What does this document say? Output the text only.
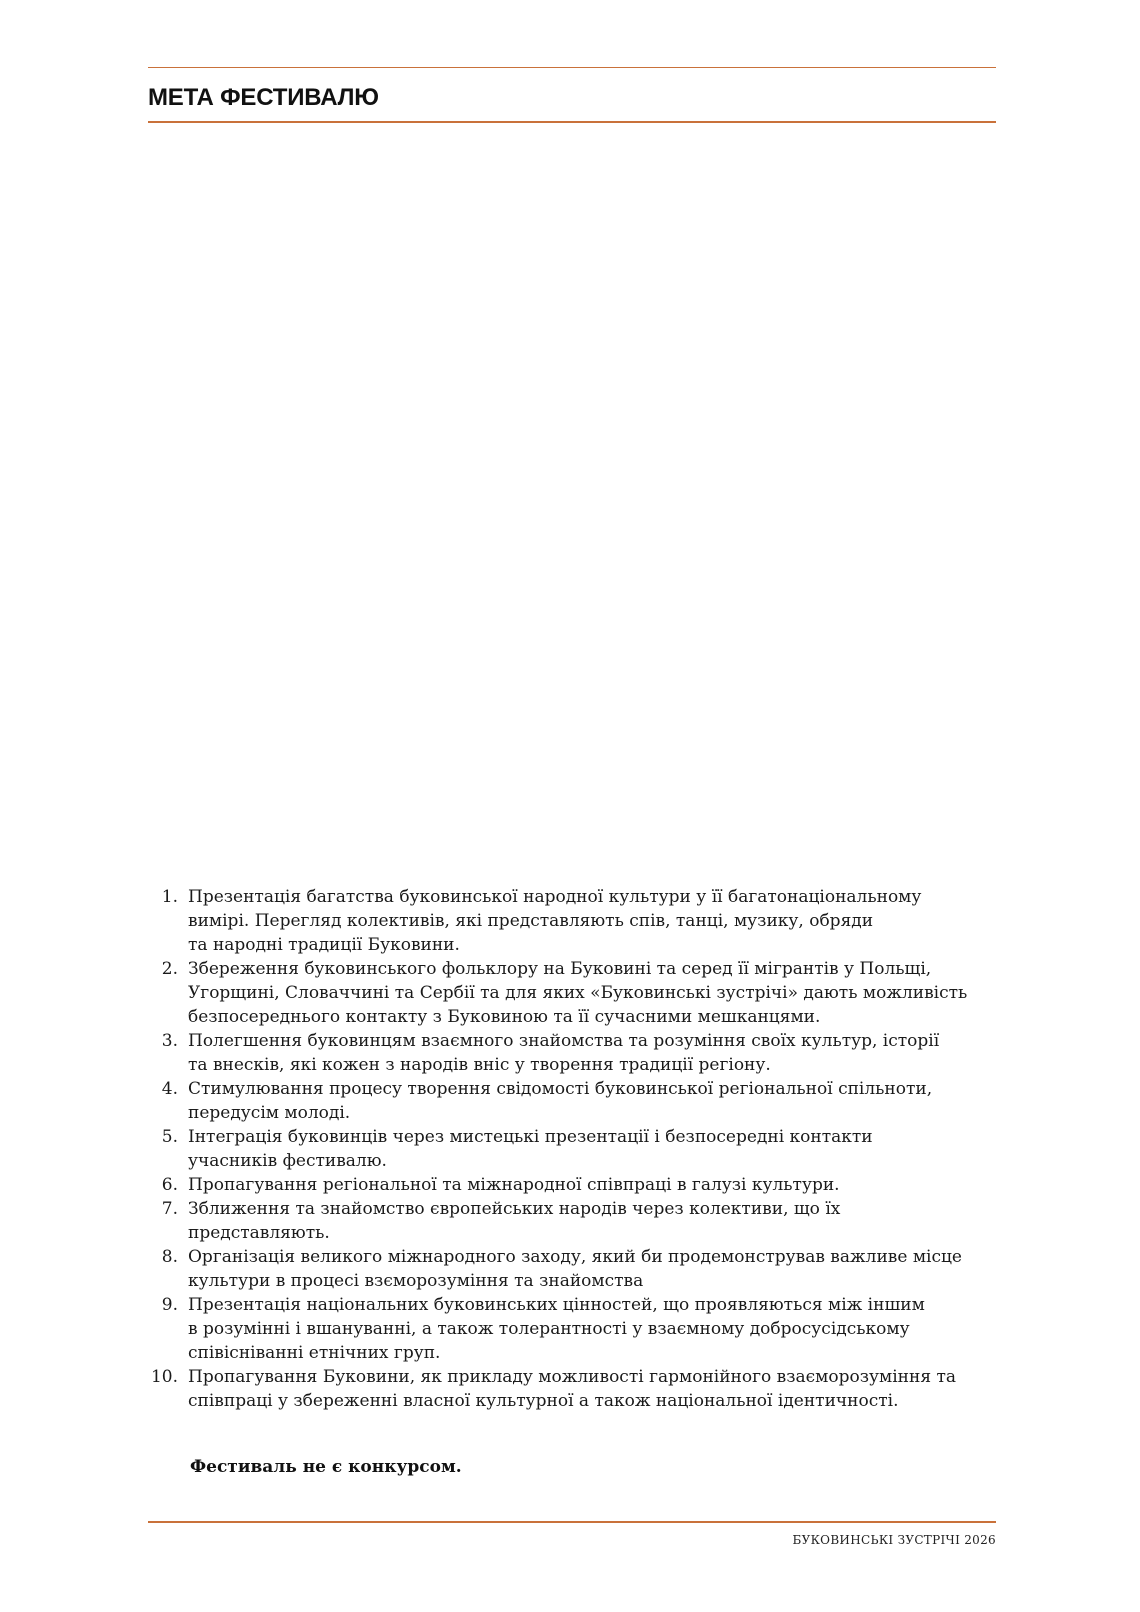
МЕТА ФЕСТИВАЛЮ
1. Презентація багатства буковинської народної культури у її багатонаціональному
вимірі. Перегляд колективів, які представляють спів, танці, музику, обряди
та народні традиції Буковини.
2. Збереження буковинського фольклору на Буковині та серед її мігрантів у Польщі,
Угорщині, Словаччині та Сербії та для яких «Буковинські зустрічі» дають можливість
безпосереднього контакту з Буковиною та її сучасними мешканцями.
3. Полегшення буковинцям взаємного знайомства та розуміння своїх культур, історії
та внесків, які кожен з народів вніс у творення традиції регіону.
4. Стимулювання процесу творення свідомості буковинської регіональної спільноти,
передусім молоді.
5. Інтеграція буковинців через мистецькі презентації і безпосередні контакти
учасників фестивалю.
6. Пропагування регіональної та міжнародної співпраці в галузі культури.
7. Зближення та знайомство європейських народів через колективи, що їх
представляють.
8. Організація великого міжнародного заходу, який би продемонстрував важливе місце
культури в процесі взєморозуміння та знайомства
9. Презентація національних буковинських цінностей, що проявляються між іншим
в розумінні і вшануванні, а також толерантності у взаємному добросусідському
співісніванні етнічних груп.
10. Пропагування Буковини, як прикладу можливості гармонійного взаєморозуміння та
співпраці у збереженні власної культурної а також національної ідентичності.

Фестиваль не є конкурсом.

БУКОВИНСЬКІ ЗУСТРІЧІ 2026
